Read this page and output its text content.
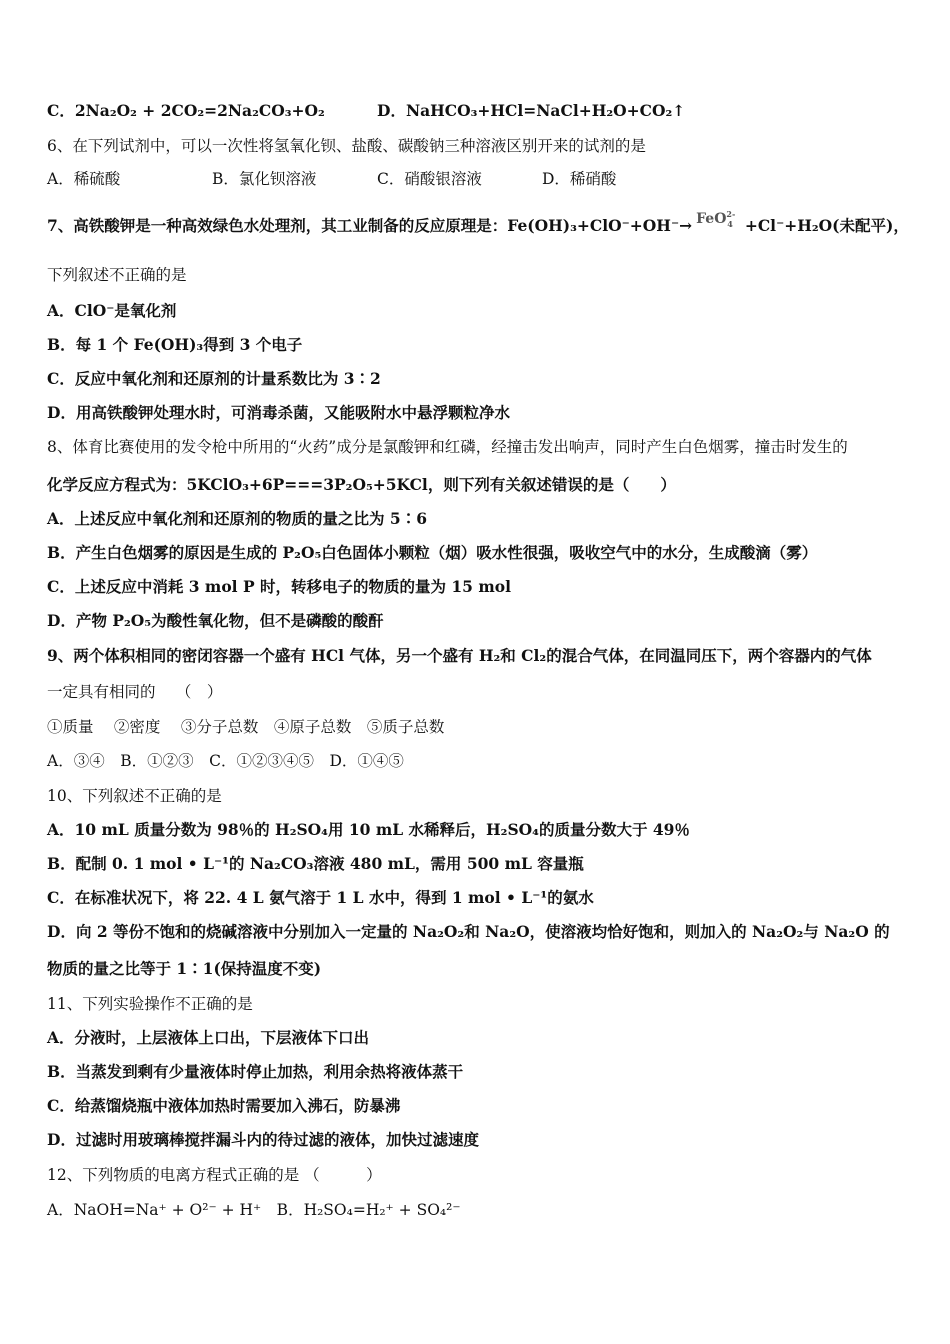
C．2Na₂O₂ + 2CO₂=2Na₂CO₃+O₂	D．NaHCO₃+HCl=NaCl+H₂O+CO₂↑
6、在下列试剂中，可以一次性将氢氧化钡、盐酸、碳酸钠三种溶液区别开来的试剂的是
A．稀硫酸	B．氯化钡溶液	C．硝酸银溶液	D．稀硝酸
下列叙述不正确的是
A．ClO⁻是氧化剂
B．每 1 个 Fe(OH)₃得到 3 个电子
C．反应中氧化剂和还原剂的计量系数比为 3∶2
D．用高铁酸钾处理水时，可消毒杀菌，又能吸附水中悬浮颗粒净水
8、体育比赛使用的发令枪中所用的“火药”成分是氯酸钾和红磷，经撞击发出响声，同时产生白色烟雾，撞击时发生的
化学反应方程式为：5KClO₃+6P===3P₂O₅+5KCl，则下列有关叙述错误的是（　　）
A．上述反应中氧化剂和还原剂的物质的量之比为 5∶6
B．产生白色烟雾的原因是生成的 P₂O₅白色固体小颗粒（烟）吸水性很强，吸收空气中的水分，生成酸滴（雾）
C．上述反应中消耗 3 mol P 时，转移电子的物质的量为 15 mol
D．产物 P₂O₅为酸性氧化物，但不是磷酸的酸酐
9、两个体积相同的密闭容器一个盛有 HCl 气体，另一个盛有 H₂和 Cl₂的混合气体，在同温同压下，两个容器内的气体
一定具有相同的　 （　）
①质量　 ②密度　 ③分子总数　④原子总数　⑤质子总数
A．③④　B．①②③　C．①②③④⑤　D．①④⑤
10、下列叙述不正确的是
A．10 mL 质量分数为 98％的 H₂SO₄用 10 mL 水稀释后，H₂SO₄的质量分数大于 49％
B．配制 0. 1 mol • L⁻¹的 Na₂CO₃溶液 480 mL，需用 500 mL 容量瓶
C．在标准状况下，将 22. 4 L 氨气溶于 1 L 水中，得到 1 mol • L⁻¹的氨水
D．向 2 等份不饱和的烧碱溶液中分别加入一定量的 Na₂O₂和 Na₂O，使溶液均恰好饱和，则加入的 Na₂O₂与 Na₂O 的
物质的量之比等于 1∶1(保持温度不变)
11、下列实验操作不正确的是
A．分液时，上层液体上口出，下层液体下口出
B．当蒸发到剩有少量液体时停止加热，利用余热将液体蒸干
C．给蒸馏烧瓶中液体加热时需要加入沸石，防暴沸
D．过滤时用玻璃棒搅拌漏斗内的待过滤的液体，加快过滤速度
12、下列物质的电离方程式正确的是 （　　　）
A．NaOH=Na⁺ + O²⁻ + H⁺　B．H₂SO₄=H₂⁺ + SO₄²⁻
7、高铁酸钾是一种高效绿色水处理剂，其工业制备的反应原理是：Fe(OH)₃+ClO⁻+OH⁻→ FeO$^{2-}_4$ +Cl⁻+H₂O(未配平)，
